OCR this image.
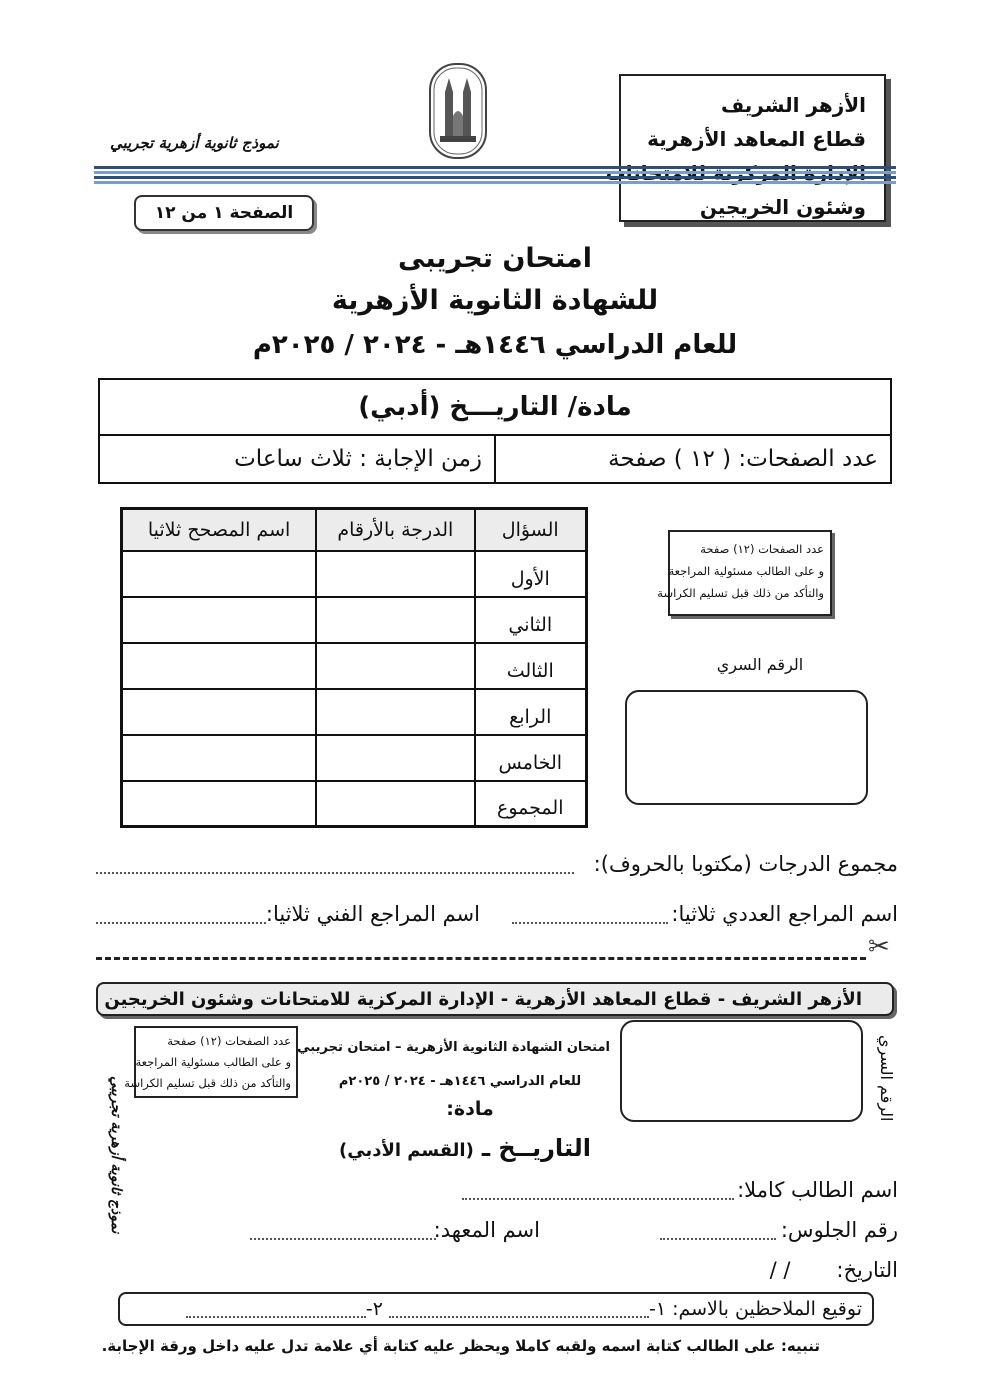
الأزهر الشريف
قطاع المعاهد الأزهرية
وشئون الخريجين
نموذج ثانوية أزهرية تجريبي
الصفحة ١ من ١٢
امتحان تجريبى
للشهادة الثانوية الأزهرية
للعام الدراسي ١٤٤٦هـ - ٢٠٢٤ / ٢٠٢٥م
مادة/ التاريـــخ (أدبي)
عدد الصفحات: ( ١٢ ) صفحة
زمن الإجابة : ثلاث ساعات
السؤال	الدرجة بالأرقام	اسم المصحح ثلاثيا
الأول		
الثاني		
الثالث		
الرابع		
الخامس		
المجموع		
عدد الصفحات (١٢) صفحة
و على الطالب مسئولية المراجعة
والتأكد من ذلك قبل تسليم الكراسة
الرقم السري
مجموع الدرجات (مكتوبا بالحروف):
اسم المراجع العددي ثلاثيا:
اسم المراجع الفني ثلاثيا:
✂
الأزهر الشريف - قطاع المعاهد الأزهرية - الإدارة المركزية للامتحانات وشئون الخريجين
عدد الصفحات (١٢) صفحة
و على الطالب مسئولية المراجعة
والتأكد من ذلك قبل تسليم الكراسة
نموذج ثانوية أزهرية تجريبي
امتحان الشهادة الثانوية الأزهرية – امتحان تجريبي
للعام الدراسي ١٤٤٦هـ - ٢٠٢٤ / ٢٠٢٥م
مادة:
التاريــخ ـ
(القسم الأدبي)
الرقم السري
اسم الطالب كاملا:
رقم الجلوس:
اسم المعهد:
التاريخ:
/ /
توقيع الملاحظين بالاسم: ١-
٢-
تنبيه: على الطالب كتابة اسمه ولقبه كاملا ويحظر عليه كتابة أي علامة تدل عليه داخل ورقة الإجابة.
